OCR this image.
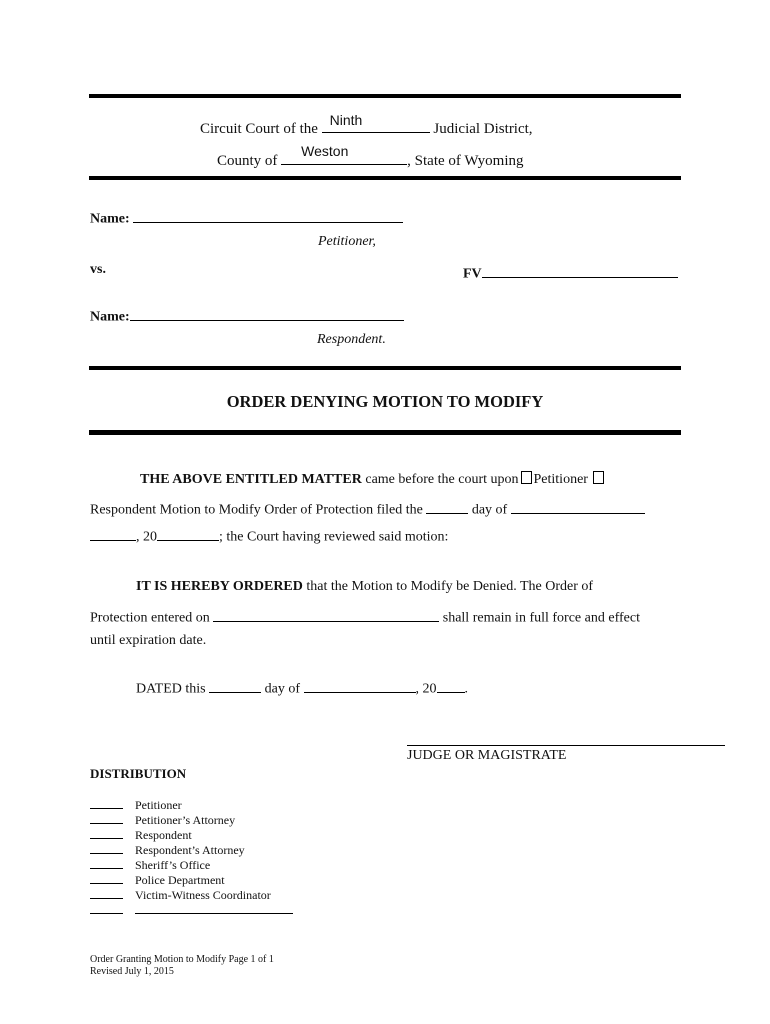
Circuit Court of the
Ninth
Judicial District,
County of
Weston
, State of Wyoming
Name:
Petitioner,
vs.	FV
Name:
Respondent.
ORDER DENYING MOTION TO MODIFY
THE ABOVE ENTITLED MATTER came before the court upon Petitioner
Respondent Motion to Modify Order of Protection filed the	day of
, 20	; the Court having reviewed said motion:
IT IS HEREBY ORDERED that the Motion to Modify be Denied. The Order of
Protection entered on	shall remain in full force and effect
until expiration date.
DATED this	day of	, 20 .
JUDGE OR MAGISTRATE
DISTRIBUTION
Petitioner
Petitioner’s Attorney
Respondent
Respondent’s Attorney
Sheriff’s Office
Police Department
Victim-Witness Coordinator
Order Granting Motion to Modify Page 1 of 1
Revised July 1, 2015
